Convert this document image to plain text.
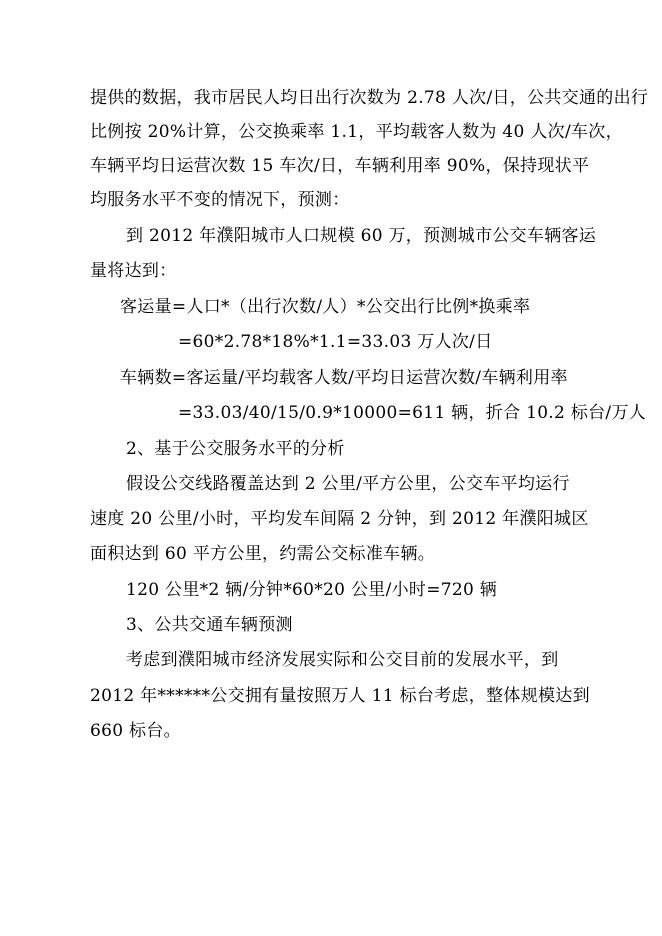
提供的数据，我市居民人均日出行次数为 2.78 人次/日，公共交通的出行
比例按 20%计算，公交换乘率 1.1，平均载客人数为 40 人次/车次，
车辆平均日运营次数 15 车次/日，车辆利用率 90%，保持现状平
均服务水平不变的情况下，预测：
到 2012 年濮阳城市人口规模 60 万，预测城市公交车辆客运
量将达到：
客运量=人口*（出行次数/人）*公交出行比例*换乘率
=60*2.78*18%*1.1=33.03 万人次/日
车辆数=客运量/平均载客人数/平均日运营次数/车辆利用率
=33.03/40/15/0.9*10000=611 辆，折合 10.2 标台/万人
2、基于公交服务水平的分析
假设公交线路覆盖达到 2 公里/平方公里，公交车平均运行
速度 20 公里/小时，平均发车间隔 2 分钟，到 2012 年濮阳城区
面积达到 60 平方公里，约需公交标准车辆。
120 公里*2 辆/分钟*60*20 公里/小时=720 辆
3、公共交通车辆预测
考虑到濮阳城市经济发展实际和公交目前的发展水平，到
2012 年******公交拥有量按照万人 11 标台考虑，整体规模达到
660 标台。
